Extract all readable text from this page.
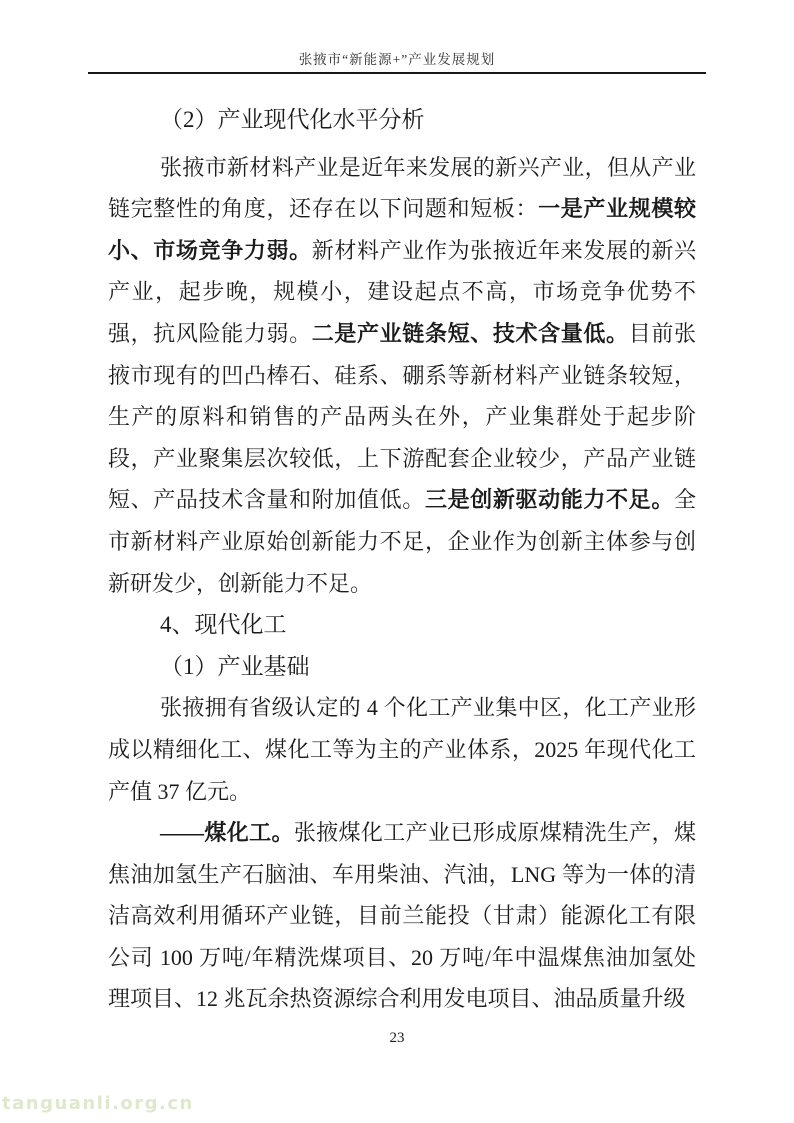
张掖市“新能源+”产业发展规划
（2）产业现代化水平分析

张掖市新材料产业是近年来发展的新兴产业，但从产业链完整性的角度，还存在以下问题和短板：一是产业规模较小、市场竞争力弱。新材料产业作为张掖近年来发展的新兴产业，起步晚，规模小，建设起点不高，市场竞争优势不强，抗风险能力弱。二是产业链条短、技术含量低。目前张掖市现有的凹凸棒石、硅系、硼系等新材料产业链条较短，生产的原料和销售的产品两头在外，产业集群处于起步阶段，产业聚集层次较低，上下游配套企业较少，产品产业链短、产品技术含量和附加值低。三是创新驱动能力不足。全市新材料产业原始创新能力不足，企业作为创新主体参与创新研发少，创新能力不足。

4、现代化工
（1）产业基础

张掖拥有省级认定的 4 个化工产业集中区，化工产业形成以精细化工、煤化工等为主的产业体系，2025 年现代化工产值 37 亿元。

——煤化工。张掖煤化工产业已形成原煤精洗生产，煤焦油加氢生产石脑油、车用柴油、汽油，LNG 等为一体的清洁高效利用循环产业链，目前兰能投（甘肃）能源化工有限公司 100 万吨/年精洗煤项目、20 万吨/年中温煤焦油加氢处理项目、12 兆瓦余热资源综合利用发电项目、油品质量升级

23
tanguanli.org.cn
